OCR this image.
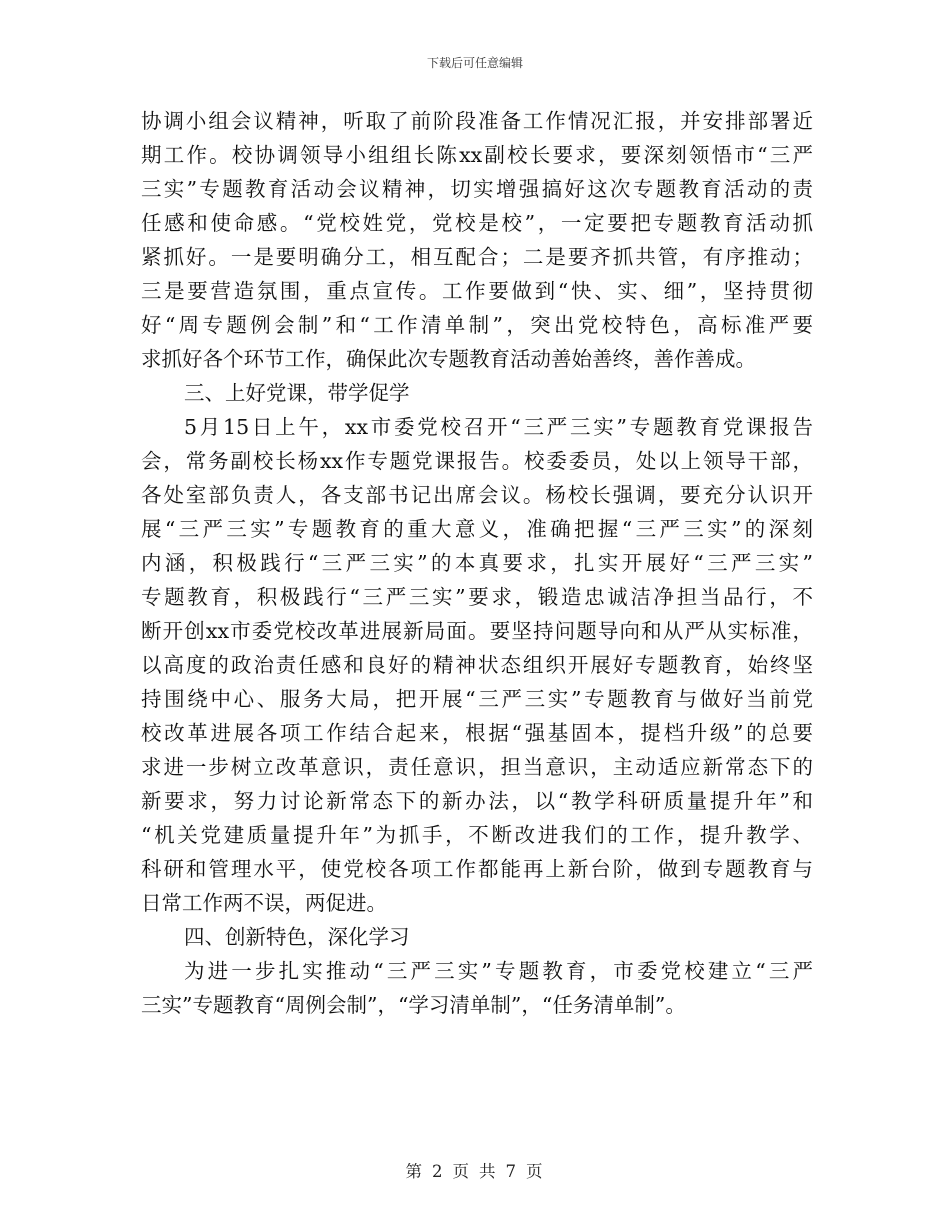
下载后可任意编辑
协调小组会议精神，听取了前阶段准备工作情况汇报，并安排部署近
期工作。校协调领导小组组长陈xx副校长要求，要深刻领悟市“三严
三实”专题教育活动会议精神，切实增强搞好这次专题教育活动的责
任感和使命感。“党校姓党，党校是校”，一定要把专题教育活动抓
紧抓好。一是要明确分工，相互配合；二是要齐抓共管，有序推动；
三是要营造氛围，重点宣传。工作要做到“快、实、细”，坚持贯彻
好“周专题例会制”和“工作清单制”，突出党校特色，高标准严要
求抓好各个环节工作，确保此次专题教育活动善始善终，善作善成。
三、上好党课，带学促学
5月15日上午，xx市委党校召开“三严三实”专题教育党课报告
会，常务副校长杨xx作专题党课报告。校委委员，处以上领导干部，
各处室部负责人，各支部书记出席会议。杨校长强调，要充分认识开
展“三严三实”专题教育的重大意义，准确把握“三严三实”的深刻
内涵，积极践行“三严三实”的本真要求，扎实开展好“三严三实”
专题教育，积极践行“三严三实”要求，锻造忠诚洁净担当品行，不
断开创xx市委党校改革进展新局面。要坚持问题导向和从严从实标准，
以高度的政治责任感和良好的精神状态组织开展好专题教育，始终坚
持围绕中心、服务大局，把开展“三严三实”专题教育与做好当前党
校改革进展各项工作结合起来，根据“强基固本，提档升级”的总要
求进一步树立改革意识，责任意识，担当意识，主动适应新常态下的
新要求，努力讨论新常态下的新办法，以“教学科研质量提升年”和
“机关党建质量提升年”为抓手，不断改进我们的工作，提升教学、
科研和管理水平，使党校各项工作都能再上新台阶，做到专题教育与
日常工作两不误，两促进。
四、创新特色，深化学习
为进一步扎实推动“三严三实”专题教育，市委党校建立“三严
三实”专题教育“周例会制”，“学习清单制”，“任务清单制”。
第 2 页 共 7 页
